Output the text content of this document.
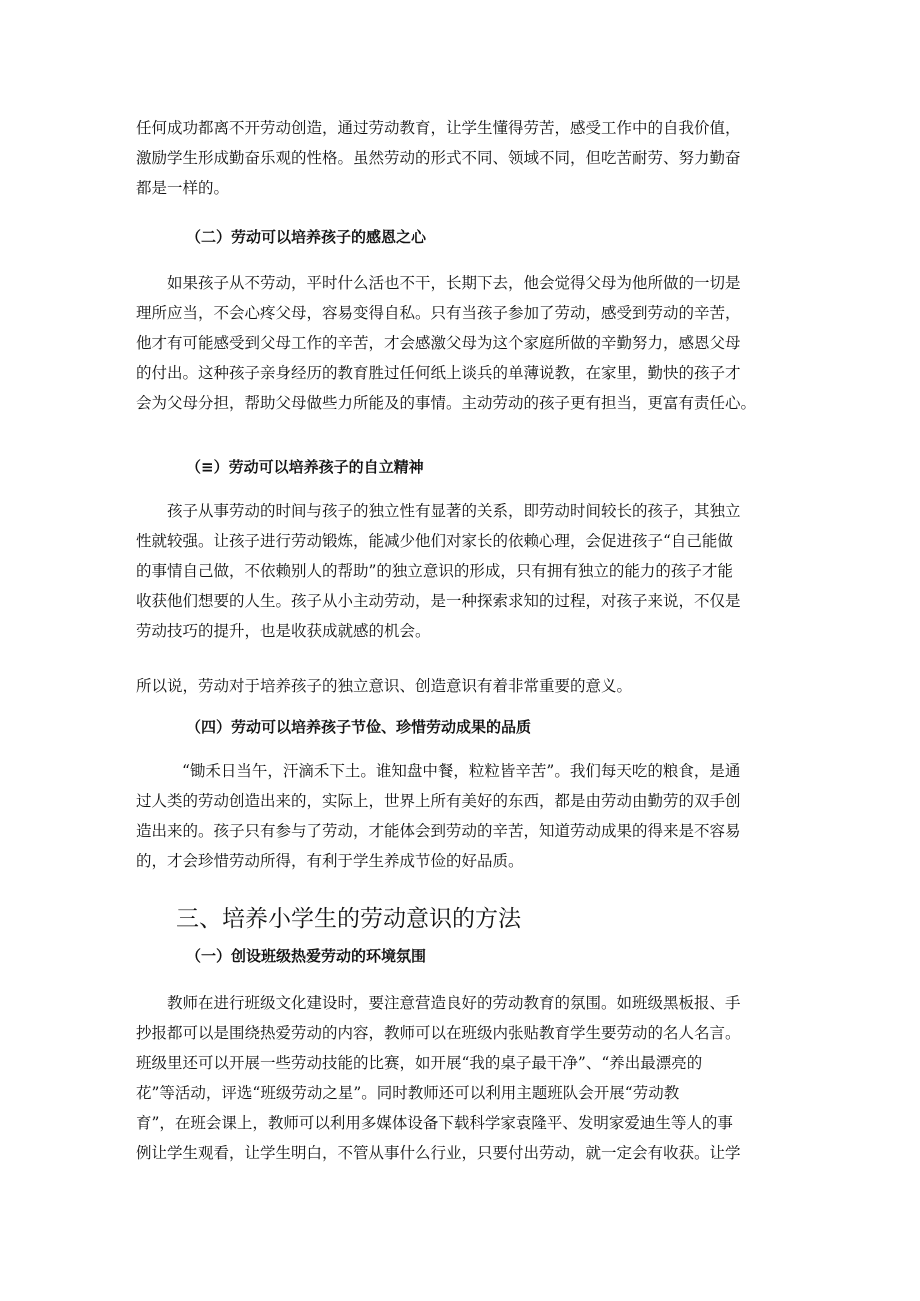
任何成功都离不开劳动创造，通过劳动教育，让学生懂得劳苦，感受工作中的自我价值，
激励学生形成勤奋乐观的性格。虽然劳动的形式不同、领域不同，但吃苦耐劳、努力勤奋
都是一样的。
（二）劳动可以培养孩子的感恩之心
如果孩子从不劳动，平时什么活也不干，长期下去，他会觉得父母为他所做的一切是
理所应当，不会心疼父母，容易变得自私。只有当孩子参加了劳动，感受到劳动的辛苦，
他才有可能感受到父母工作的辛苦，才会感激父母为这个家庭所做的辛勤努力，感恩父母
的付出。这种孩子亲身经历的教育胜过任何纸上谈兵的单薄说教，在家里，勤快的孩子才
会为父母分担，帮助父母做些力所能及的事情。主动劳动的孩子更有担当，更富有责任心。
（≡）劳动可以培养孩子的自立精神
孩子从事劳动的时间与孩子的独立性有显著的关系，即劳动时间较长的孩子，其独立
性就较强。让孩子进行劳动锻炼，能减少他们对家长的依赖心理，会促进孩子“自己能做
的事情自己做，不依赖别人的帮助”的独立意识的形成，只有拥有独立的能力的孩子才能
收获他们想要的人生。孩子从小主动劳动，是一种探索求知的过程，对孩子来说，不仅是
劳动技巧的提升，也是收获成就感的机会。
所以说，劳动对于培养孩子的独立意识、创造意识有着非常重要的意义。
（四）劳动可以培养孩子节俭、珍惜劳动成果的品质
“锄禾日当午，汗滴禾下土。谁知盘中餐，粒粒皆辛苦”。我们每天吃的粮食，是通
过人类的劳动创造出来的，实际上，世界上所有美好的东西，都是由劳动由勤劳的双手创
造出来的。孩子只有参与了劳动，才能体会到劳动的辛苦，知道劳动成果的得来是不容易
的，才会珍惜劳动所得，有利于学生养成节俭的好品质。
三、培养小学生的劳动意识的方法
（一）创设班级热爱劳动的环境氛围
教师在进行班级文化建设时，要注意营造良好的劳动教育的氛围。如班级黑板报、手
抄报都可以是围绕热爱劳动的内容，教师可以在班级内张贴教育学生要劳动的名人名言。
班级里还可以开展一些劳动技能的比赛，如开展“我的桌子最干净”、“养出最漂亮的
花”等活动，评选“班级劳动之星”。同时教师还可以利用主题班队会开展“劳动教
育”，在班会课上，教师可以利用多媒体设备下载科学家袁隆平、发明家爱迪生等人的事
例让学生观看，让学生明白，不管从事什么行业，只要付出劳动，就一定会有收获。让学
